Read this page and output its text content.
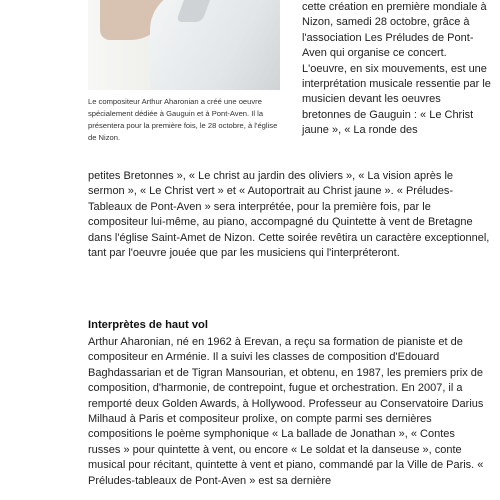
Le compositeur Arthur Aharonian a créé une oeuvre spécialement dédiée à Gauguin et à Pont-Aven. Il la présentera pour la première fois, le 28 octobre, à l'église de Nizon.

cette création en première mondiale à Nizon, samedi 28 octobre, grâce à l'association Les Préludes de Pont-Aven qui organise ce concert. L'oeuvre, en six mouvements, est une interprétation musicale ressentie par le musicien devant les oeuvres bretonnes de Gauguin : « Le Christ jaune », « La ronde des

petites Bretonnes », « Le christ au jardin des oliviers », « La vision après le sermon », « Le Christ vert » et « Autoportrait au Christ jaune ». « Préludes-Tableaux de Pont-Aven » sera interprétée, pour la première fois, par le compositeur lui-même, au piano, accompagné du Quintette à vent de Bretagne dans l'église Saint-Amet de Nizon. Cette soirée revêtira un caractère exceptionnel, tant par l'oeuvre jouée que par les musiciens qui l'interpréteront.

Interprètes de haut vol

Arthur Aharonian, né en 1962 à Erevan, a reçu sa formation de pianiste et de compositeur en Arménie. Il a suivi les classes de composition d'Edouard Baghdassarian et de Tigran Mansourian, et obtenu, en 1987, les premiers prix de composition, d'harmonie, de contrepoint, fugue et orchestration. En 2007, il a remporté deux Golden Awards, à Hollywood. Professeur au Conservatoire Darius Milhaud à Paris et compositeur prolixe, on compte parmi ses dernières compositions le poème symphonique « La ballade de Jonathan », « Contes russes » pour quintette à vent, ou encore « Le soldat et la danseuse », conte musical pour récitant, quintette à vent et piano, commandé par la Ville de Paris. « Préludes-tableaux de Pont-Aven » est sa dernière
